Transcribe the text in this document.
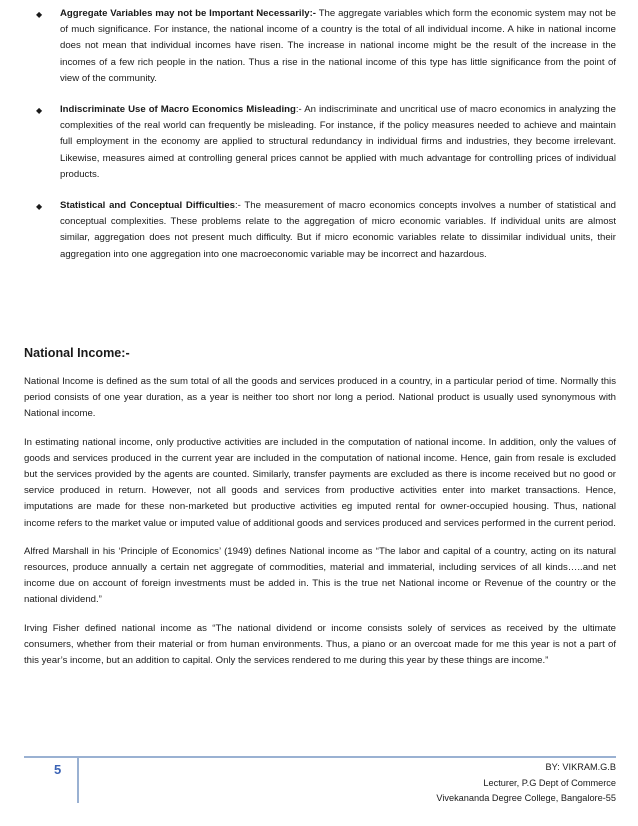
◆	Aggregate Variables may not be Important Necessarily:- The aggregate variables which form the economic system may not be of much significance. For instance, the national income of a country is the total of all individual income. A hike in national income does not mean that individual incomes have risen. The increase in national income might be the result of the increase in the incomes of a few rich people in the nation. Thus a rise in the national income of this type has little significance from the point of view of the community.
◆	Indiscriminate Use of Macro Economics Misleading:- An indiscriminate and uncritical use of macro economics in analyzing the complexities of the real world can frequently be misleading. For instance, if the policy measures needed to achieve and maintain full employment in the economy are applied to structural redundancy in individual firms and industries, they become irrelevant. Likewise, measures aimed at controlling general prices cannot be applied with much advantage for controlling prices of individual products.
◆	Statistical and Conceptual Difficulties:- The measurement of macro economics concepts involves a number of statistical and conceptual complexities. These problems relate to the aggregation of micro economic variables. If individual units are almost similar, aggregation does not present much difficulty. But if micro economic variables relate to dissimilar individual units, their aggregation into one aggregation into one macroeconomic variable may be incorrect and hazardous.
National Income:-

National Income is defined as the sum total of all the goods and services produced in a country, in a particular period of time. Normally this period consists of one year duration, as a year is neither too short nor long a period. National product is usually used synonymous with National income.

In estimating national income, only productive activities are included in the computation of national income. In addition, only the values of goods and services produced in the current year are included in the computation of national income. Hence, gain from resale is excluded but the services provided by the agents are counted. Similarly, transfer payments are excluded as there is income received but no good or service produced in return. However, not all goods and services from productive activities enter into market transactions. Hence, imputations are made for these non-marketed but productive activities eg imputed rental for owner-occupied housing. Thus, national income refers to the market value or imputed value of additional goods and services produced and services performed in the current period.

Alfred Marshall in his ‘Principle of Economics’ (1949) defines National income as “The labor and capital of a country, acting on its natural resources, produce annually a certain net aggregate of commodities, material and immaterial, including services of all kinds…..and net income due on account of foreign investments must be added in. This is the true net National income or Revenue of the country or the national dividend.”

Irving Fisher defined national income as “The national dividend or income consists solely of services as received by the ultimate consumers, whether from their material or from human environments. Thus, a piano or an overcoat made for me this year is not a part of this year’s income, but an addition to capital. Only the services rendered to me during this year by these things are income.”

5	BY: VIKRAM.G.B
Lecturer, P.G Dept of Commerce
Vivekananda Degree College, Bangalore-55
